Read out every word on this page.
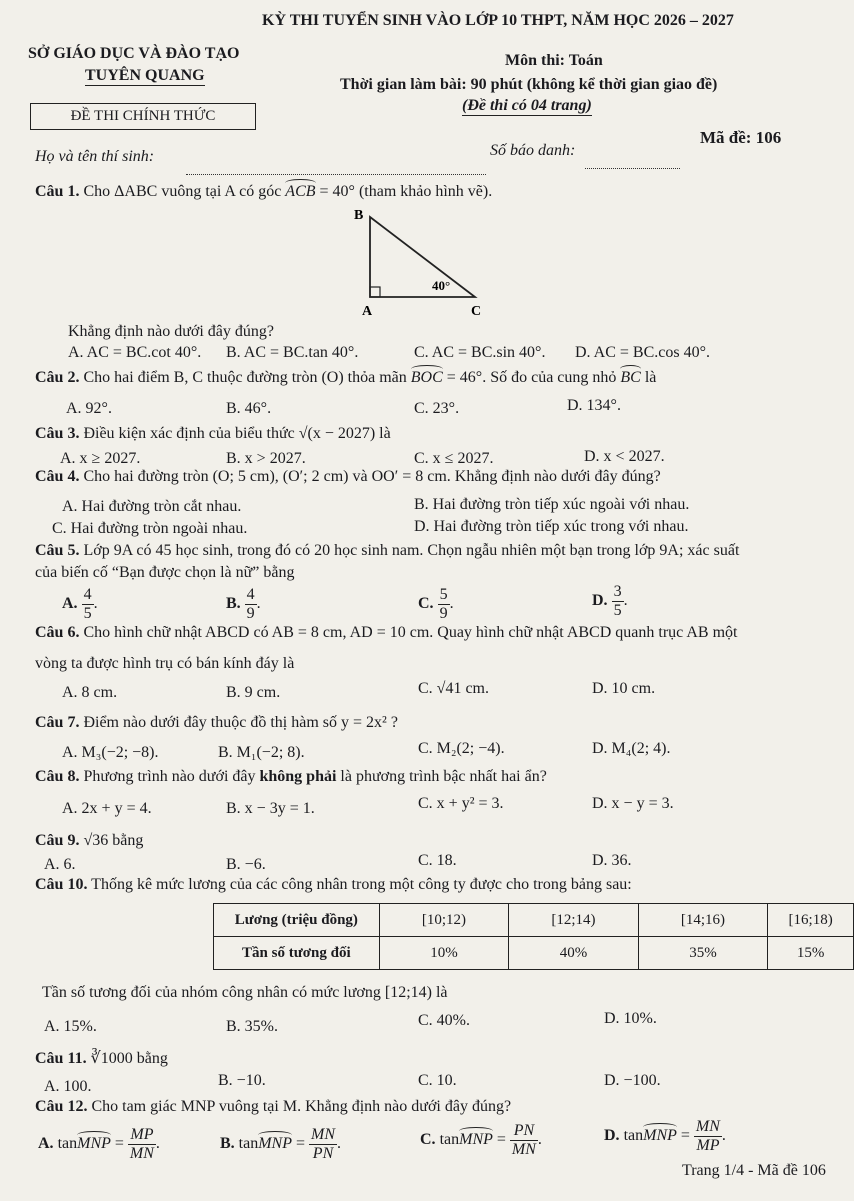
SỞ GIÁO DỤC VÀ ĐÀO TẠO
TUYÊN QUANG
ĐỀ THI CHÍNH THỨC
KỲ THI TUYỂN SINH VÀO LỚP 10 THPT, NĂM HỌC 2026 – 2027
Môn thi: Toán
Thời gian làm bài: 90 phút (không kể thời gian giao đề)
(Đề thi có 04 trang)
Họ và tên thí sinh:	Số báo danh:
Mã đề: 106
Câu 1. Cho ΔABC vuông tại A có góc ACB = 40° (tham khảo hình vẽ).
B
A	C
40°
Khẳng định nào dưới đây đúng?
A. AC = BC.cot 40°. B. AC = BC.tan 40°.	C. AC = BC.sin 40°. D. AC = BC.cos 40°.
Câu 2. Cho hai điểm B, C thuộc đường tròn (O) thỏa mãn BOC = 46°. Số đo của cung nhỏ BC là
A. 92°.	B. 46°.	C. 23°.	D. 134°.
Câu 3. Điều kiện xác định của biểu thức √(x − 2027) là
A. x ≥ 2027.	B. x > 2027.	C. x ≤ 2027.	D. x < 2027.
Câu 4. Cho hai đường tròn (O; 5 cm), (O′; 2 cm) và OO′ = 8 cm. Khẳng định nào dưới đây đúng?
A. Hai đường tròn cắt nhau.	B. Hai đường tròn tiếp xúc ngoài với nhau.
C. Hai đường tròn ngoài nhau.	D. Hai đường tròn tiếp xúc trong với nhau.
Câu 5. Lớp 9A có 45 học sinh, trong đó có 20 học sinh nam. Chọn ngẫu nhiên một bạn trong lớp 9A; xác suất
của biến cố “Bạn được chọn là nữ” bằng
A. $\frac{4}{5}$ .	B. $\frac{4}{9}$ .	C. $\frac{5}{9}$ .	D. $\frac{3}{5}$ .
Câu 6. Cho hình chữ nhật ABCD có AB = 8 cm, AD = 10 cm. Quay hình chữ nhật ABCD quanh trục AB một
vòng ta được hình trụ có bán kính đáy là
A. 8 cm.	B. 9 cm.	C. √41 cm.	D. 10 cm.
Câu 7. Điểm nào dưới đây thuộc đồ thị hàm số y = 2x² ?
A. M₃(−2; −8).	B. M₁(−2; 8).	C. M₂(2; −4).	D. M₄(2; 4).
Câu 8. Phương trình nào dưới đây không phải là phương trình bậc nhất hai ẩn?
A. 2x + y = 4.	B. x − 3y = 1.	C. x + y² = 3.	D. x − y = 3.
Câu 9. √36 bằng
A. 6.	B. −6.	C. 18.	D. 36.
Câu 10. Thống kê mức lương của các công nhân trong một công ty được cho trong bảng sau:
Lương (triệu đồng)	[10;12)	[12;14)	[14;16)	[16;18)
Tần số tương đối	10%	40%	35%	15%
Tần số tương đối của nhóm công nhân có mức lương [12;14) là
A. 15%.	B. 35%.	C. 40%.	D. 10%.
Câu 11. ∛1000 bằng
A. 100.	B. −10.	C. 10.	D. −100.
Câu 12. Cho tam giác MNP vuông tại M. Khẳng định nào dưới đây đúng?
A. tanMNP = $\frac{MP}{MN}$ .	B. tanMNP = $\frac{MN}{PN}$ .	C. tanMNP = $\frac{PN}{MN}$ .	D. tanMNP = $\frac{MN}{MP}$ .
Trang 1/4 - Mã đề 106
